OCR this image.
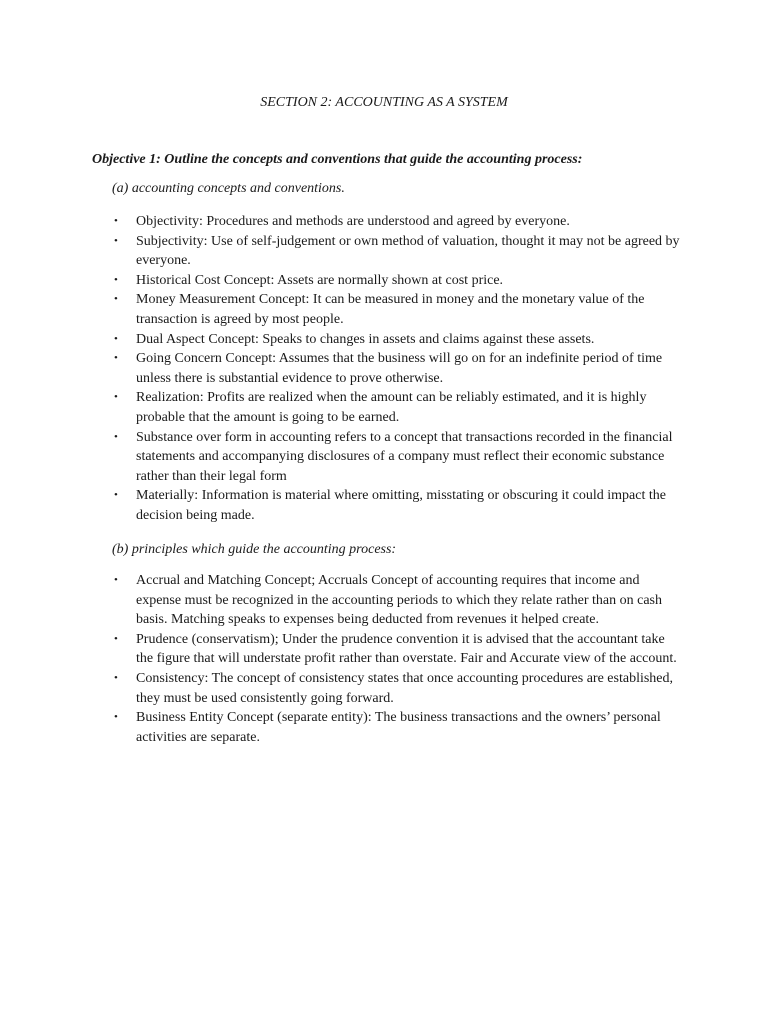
SECTION 2: ACCOUNTING AS A SYSTEM
Objective 1: Outline the concepts and conventions that guide the accounting process:
(a) accounting concepts and conventions.
• Objectivity: Procedures and methods are understood and agreed by everyone.
• Subjectivity: Use of self-judgement or own method of valuation, thought it may not be agreed by everyone.
• Historical Cost Concept: Assets are normally shown at cost price.
• Money Measurement Concept: It can be measured in money and the monetary value of the transaction is agreed by most people.
• Dual Aspect Concept: Speaks to changes in assets and claims against these assets.
• Going Concern Concept: Assumes that the business will go on for an indefinite period of time unless there is substantial evidence to prove otherwise.
• Realization: Profits are realized when the amount can be reliably estimated, and it is highly probable that the amount is going to be earned.
• Substance over form in accounting refers to a concept that transactions recorded in the financial statements and accompanying disclosures of a company must reflect their economic substance rather than their legal form
• Materially: Information is material where omitting, misstating or obscuring it could impact the decision being made.
(b) principles which guide the accounting process:
• Accrual and Matching Concept; Accruals Concept of accounting requires that income and expense must be recognized in the accounting periods to which they relate rather than on cash basis. Matching speaks to expenses being deducted from revenues it helped create.
• Prudence (conservatism); Under the prudence convention it is advised that the accountant take the figure that will understate profit rather than overstate. Fair and Accurate view of the account.
• Consistency: The concept of consistency states that once accounting procedures are established, they must be used consistently going forward.
• Business Entity Concept (separate entity): The business transactions and the owners’ personal activities are separate.
